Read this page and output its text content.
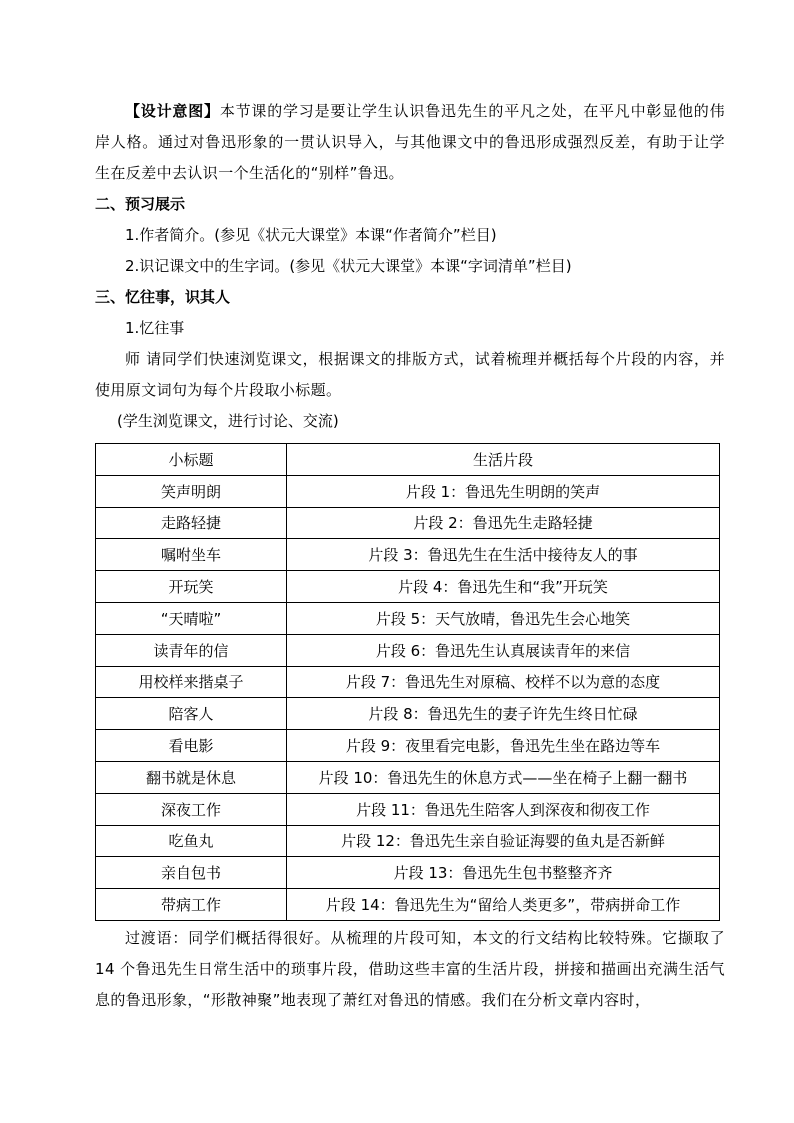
【设计意图】本节课的学习是要让学生认识鲁迅先生的平凡之处，在平凡中彰显他的伟岸人格。通过对鲁迅形象的一贯认识导入，与其他课文中的鲁迅形成强烈反差，有助于让学生在反差中去认识一个生活化的“别样”鲁迅。

二、预习展示

1.作者简介。(参见《状元大课堂》本课“作者简介”栏目)

2.识记课文中的生字词。(参见《状元大课堂》本课“字词清单”栏目)

三、忆往事，识其人

1.忆往事

师 请同学们快速浏览课文，根据课文的排版方式，试着梳理并概括每个片段的内容，并使用原文词句为每个片段取小标题。

(学生浏览课文，进行讨论、交流)

小标题	生活片段
笑声明朗	片段 1：鲁迅先生明朗的笑声
走路轻捷	片段 2：鲁迅先生走路轻捷
嘱咐坐车	片段 3：鲁迅先生在生活中接待友人的事
开玩笑	片段 4：鲁迅先生和“我”开玩笑
“天晴啦”	片段 5：天气放晴，鲁迅先生会心地笑
读青年的信	片段 6：鲁迅先生认真展读青年的来信
用校样来揩桌子	片段 7：鲁迅先生对原稿、校样不以为意的态度
陪客人	片段 8：鲁迅先生的妻子许先生终日忙碌
看电影	片段 9：夜里看完电影，鲁迅先生坐在路边等车
翻书就是休息	片段 10：鲁迅先生的休息方式——坐在椅子上翻一翻书
深夜工作	片段 11：鲁迅先生陪客人到深夜和彻夜工作
吃鱼丸	片段 12：鲁迅先生亲自验证海婴的鱼丸是否新鲜
亲自包书	片段 13：鲁迅先生包书整整齐齐
带病工作	片段 14：鲁迅先生为“留给人类更多”，带病拼命工作

过渡语：同学们概括得很好。从梳理的片段可知，本文的行文结构比较特殊。它撷取了 14 个鲁迅先生日常生活中的琐事片段，借助这些丰富的生活片段，拼接和描画出充满生活气息的鲁迅形象，“形散神聚”地表现了萧红对鲁迅的情感。我们在分析文章内容时，
